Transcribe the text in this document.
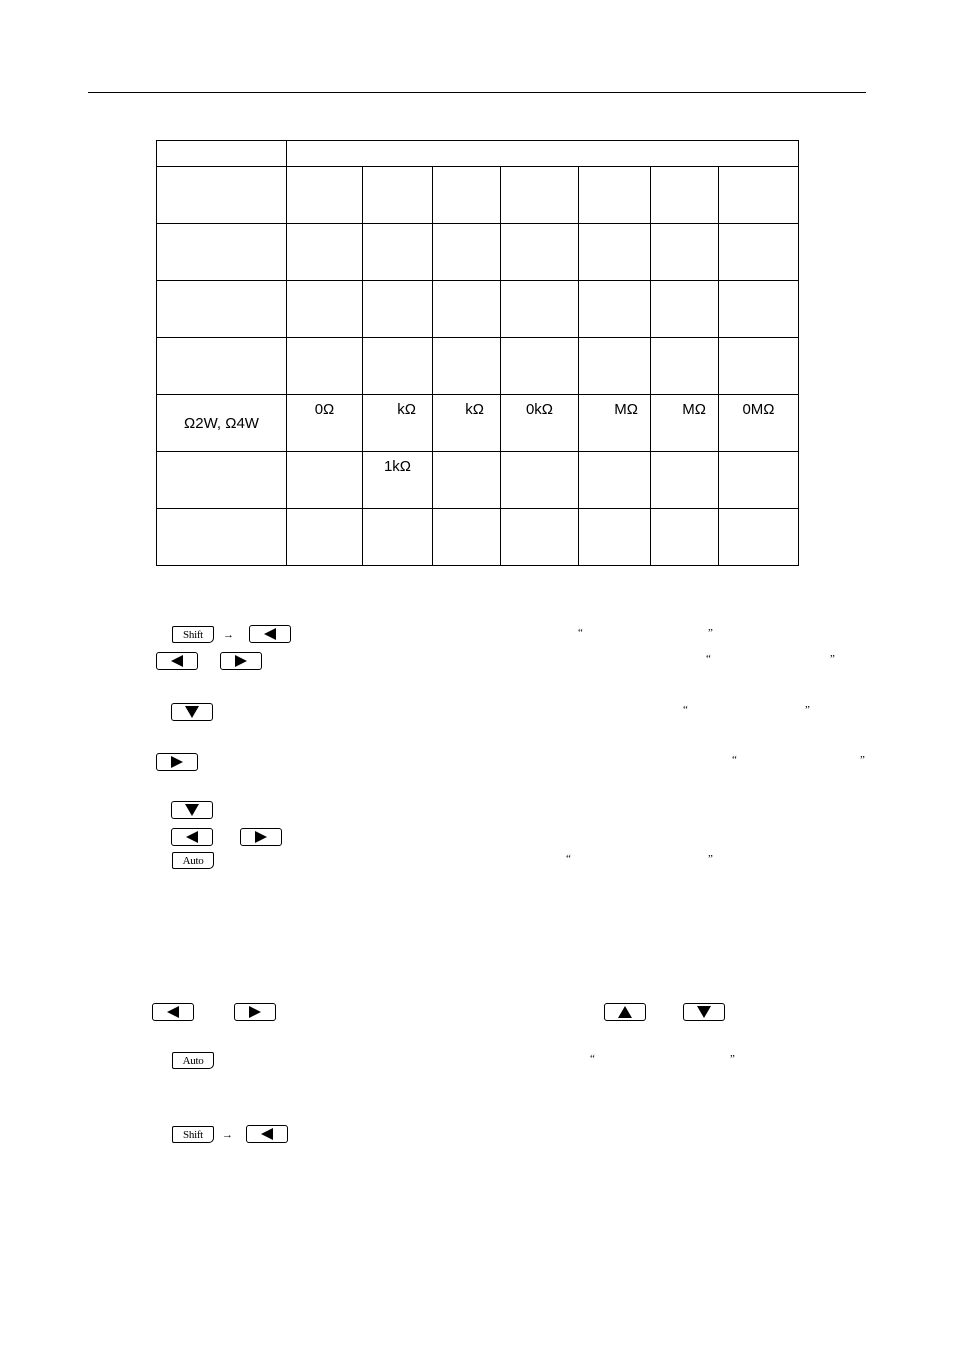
Ω2W, Ω4W	0Ω	kΩ	kΩ	0kΩ	MΩ	MΩ	0MΩ
		1kΩ					

Shift	→	“	”
“	”
“	”
“	”
Auto	“	”
Auto	“	”
Shift	→
